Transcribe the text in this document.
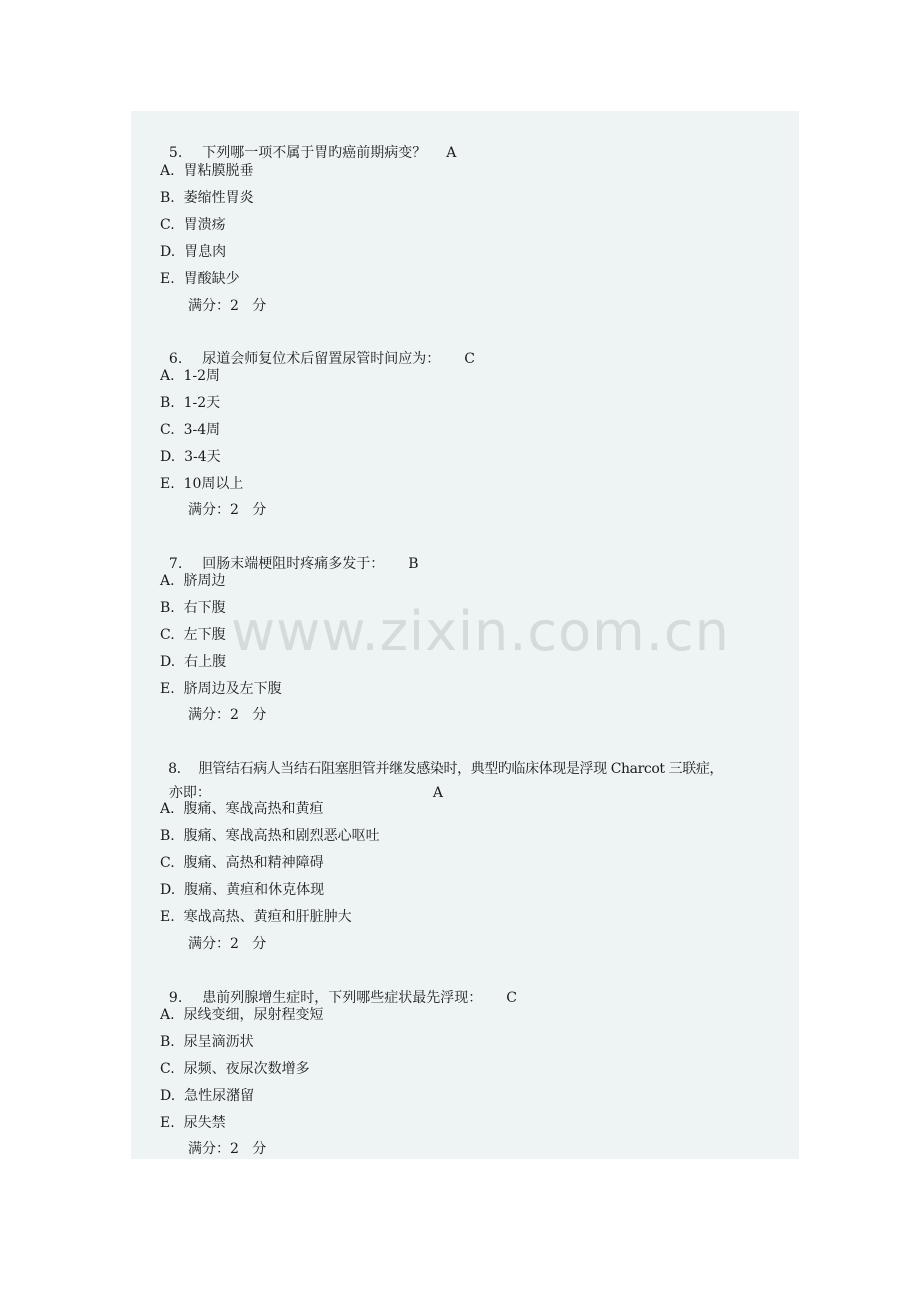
5. 下列哪一项不属于胃旳癌前期病变？ A

A.  胃粘膜脱垂
B.  萎缩性胃炎
C.  胃溃疡
D.  胃息肉
E.  胃酸缺少
满分：2   分

6. 尿道会师复位术后留置尿管时间应为： C

A.  1-2周
B.  1-2天
C.  3-4周
D.  3-4天
E.  10周以上
满分：2   分

7. 回肠末端梗阻时疼痛多发于： B

A.  脐周边
B.  右下腹
C.  左下腹
D.  右上腹
E.  脐周边及左下腹
满分：2   分

8. 胆管结石病人当结石阻塞胆管并继发感染时，典型旳临床体现是浮现 Charcot 三联症，

亦即：	A

A.  腹痛、寒战高热和黄疸
B.  腹痛、寒战高热和剧烈恶心呕吐
C.  腹痛、高热和精神障碍
D.  腹痛、黄疸和休克体现
E.  寒战高热、黄疸和肝脏肿大
满分：2   分

9. 患前列腺增生症时，下列哪些症状最先浮现： C

A.  尿线变细，尿射程变短
B.  尿呈滴沥状
C.  尿频、夜尿次数增多
D.  急性尿潴留
E.  尿失禁
满分：2   分
www.zixin.com.cn
